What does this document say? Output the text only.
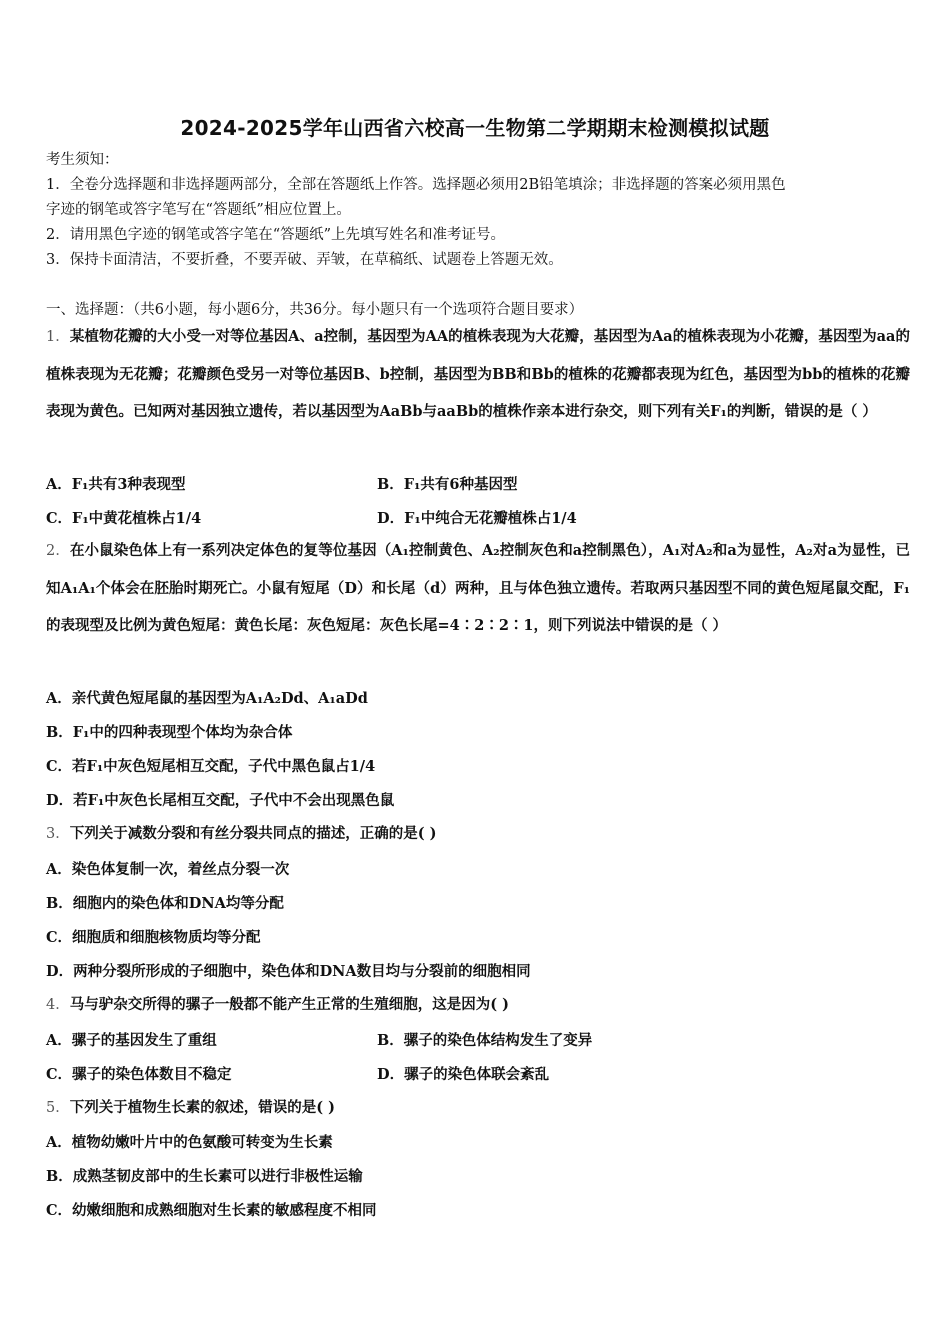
2024-2025学年山西省六校高一生物第二学期期末检测模拟试题
考生须知：
1．全卷分选择题和非选择题两部分，全部在答题纸上作答。选择题必须用2B铅笔填涂；非选择题的答案必须用黑色
字迹的钢笔或答字笔写在“答题纸”相应位置上。
2．请用黑色字迹的钢笔或答字笔在“答题纸”上先填写姓名和准考证号。
3．保持卡面清洁，不要折叠，不要弄破、弄皱，在草稿纸、试题卷上答题无效。
一、选择题：（共6小题，每小题6分，共36分。每小题只有一个选项符合题目要求）
1．某植物花瓣的大小受一对等位基因A、a控制，基因型为AA的植株表现为大花瓣，基因型为Aa的植株表现为小花瓣，基因型为aa的植株表现为无花瓣；花瓣颜色受另一对等位基因B、b控制，基因型为BB和Bb的植株的花瓣都表现为红色，基因型为bb的植株的花瓣表现为黄色。已知两对基因独立遗传，若以基因型为AaBb与aaBb的植株作亲本进行杂交，则下列有关F₁的判断，错误的是（ ）
A．F₁共有3种表现型	B．F₁共有6种基因型
C．F₁中黄花植株占1/4	D．F₁中纯合无花瓣植株占1/4
2．在小鼠染色体上有一系列决定体色的复等位基因（A₁控制黄色、A₂控制灰色和a控制黑色），A₁对A₂和a为显性，A₂对a为显性，已知A₁A₁个体会在胚胎时期死亡。小鼠有短尾（D）和长尾（d）两种，且与体色独立遗传。若取两只基因型不同的黄色短尾鼠交配，F₁的表现型及比例为黄色短尾：黄色长尾：灰色短尾：灰色长尾=4∶2∶2∶1，则下列说法中错误的是（ ）
A．亲代黄色短尾鼠的基因型为A₁A₂Dd、A₁aDd
B．F₁中的四种表现型个体均为杂合体
C．若F₁中灰色短尾相互交配，子代中黑色鼠占1/4
D．若F₁中灰色长尾相互交配，子代中不会出现黑色鼠
3．下列关于减数分裂和有丝分裂共同点的描述，正确的是( )
A．染色体复制一次，着丝点分裂一次
B．细胞内的染色体和DNA均等分配
C．细胞质和细胞核物质均等分配
D．两种分裂所形成的子细胞中，染色体和DNA数目均与分裂前的细胞相同
4．马与驴杂交所得的骡子一般都不能产生正常的生殖细胞，这是因为( )
A．骡子的基因发生了重组	B．骡子的染色体结构发生了变异
C．骡子的染色体数目不稳定	D．骡子的染色体联会紊乱
5．下列关于植物生长素的叙述，错误的是( )
A．植物幼嫩叶片中的色氨酸可转变为生长素
B．成熟茎韧皮部中的生长素可以进行非极性运输
C．幼嫩细胞和成熟细胞对生长素的敏感程度不相同
